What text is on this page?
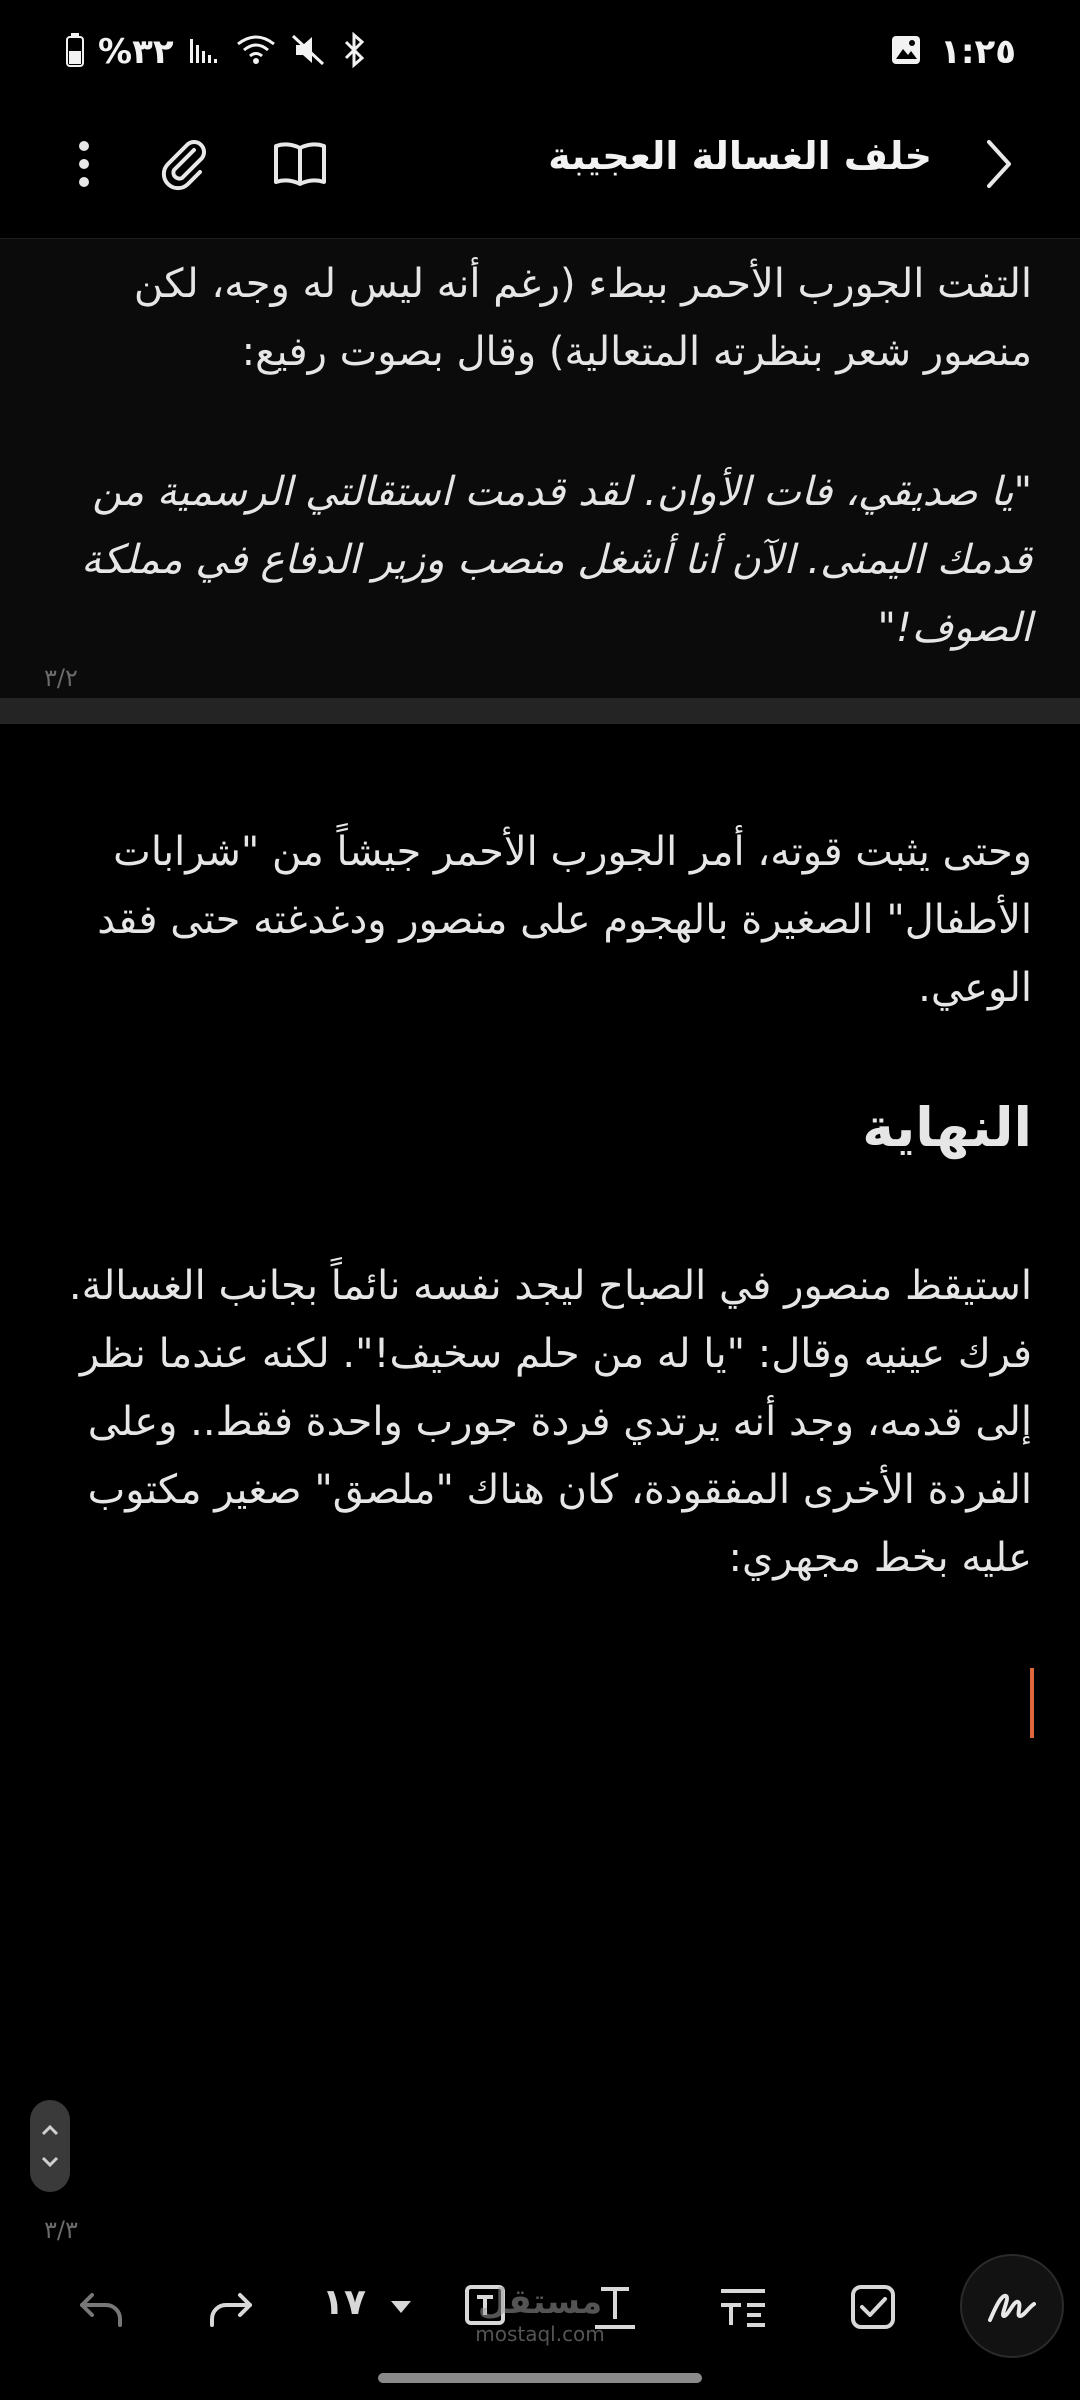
%٣٢	١:٢٥
خلف الغسالة العجيبة
التفت الجورب الأحمر ببطء (رغم أنه ليس له وجه، لكن منصور شعر بنظرته المتعالية) وقال بصوت رفيع:
"يا صديقي، فات الأوان. لقد قدمت استقالتي الرسمية من قدمك اليمنى. الآن أنا أشغل منصب وزير الدفاع في مملكة الصوف!"
٣/٢
وحتى يثبت قوته، أمر الجورب الأحمر جيشاً من "شرابات الأطفال" الصغيرة بالهجوم على منصور ودغدغته حتى فقد الوعي.
النهاية
استيقظ منصور في الصباح ليجد نفسه نائماً بجانب الغسالة. فرك عينيه وقال: "يا له من حلم سخيف!". لكنه عندما نظر إلى قدمه، وجد أنه يرتدي فردة جورب واحدة فقط.. وعلى الفردة الأخرى المفقودة، كان هناك "ملصق" صغير مكتوب عليه بخط مجهري:
٣/٣
١٧	مستقل
mostaql.com
